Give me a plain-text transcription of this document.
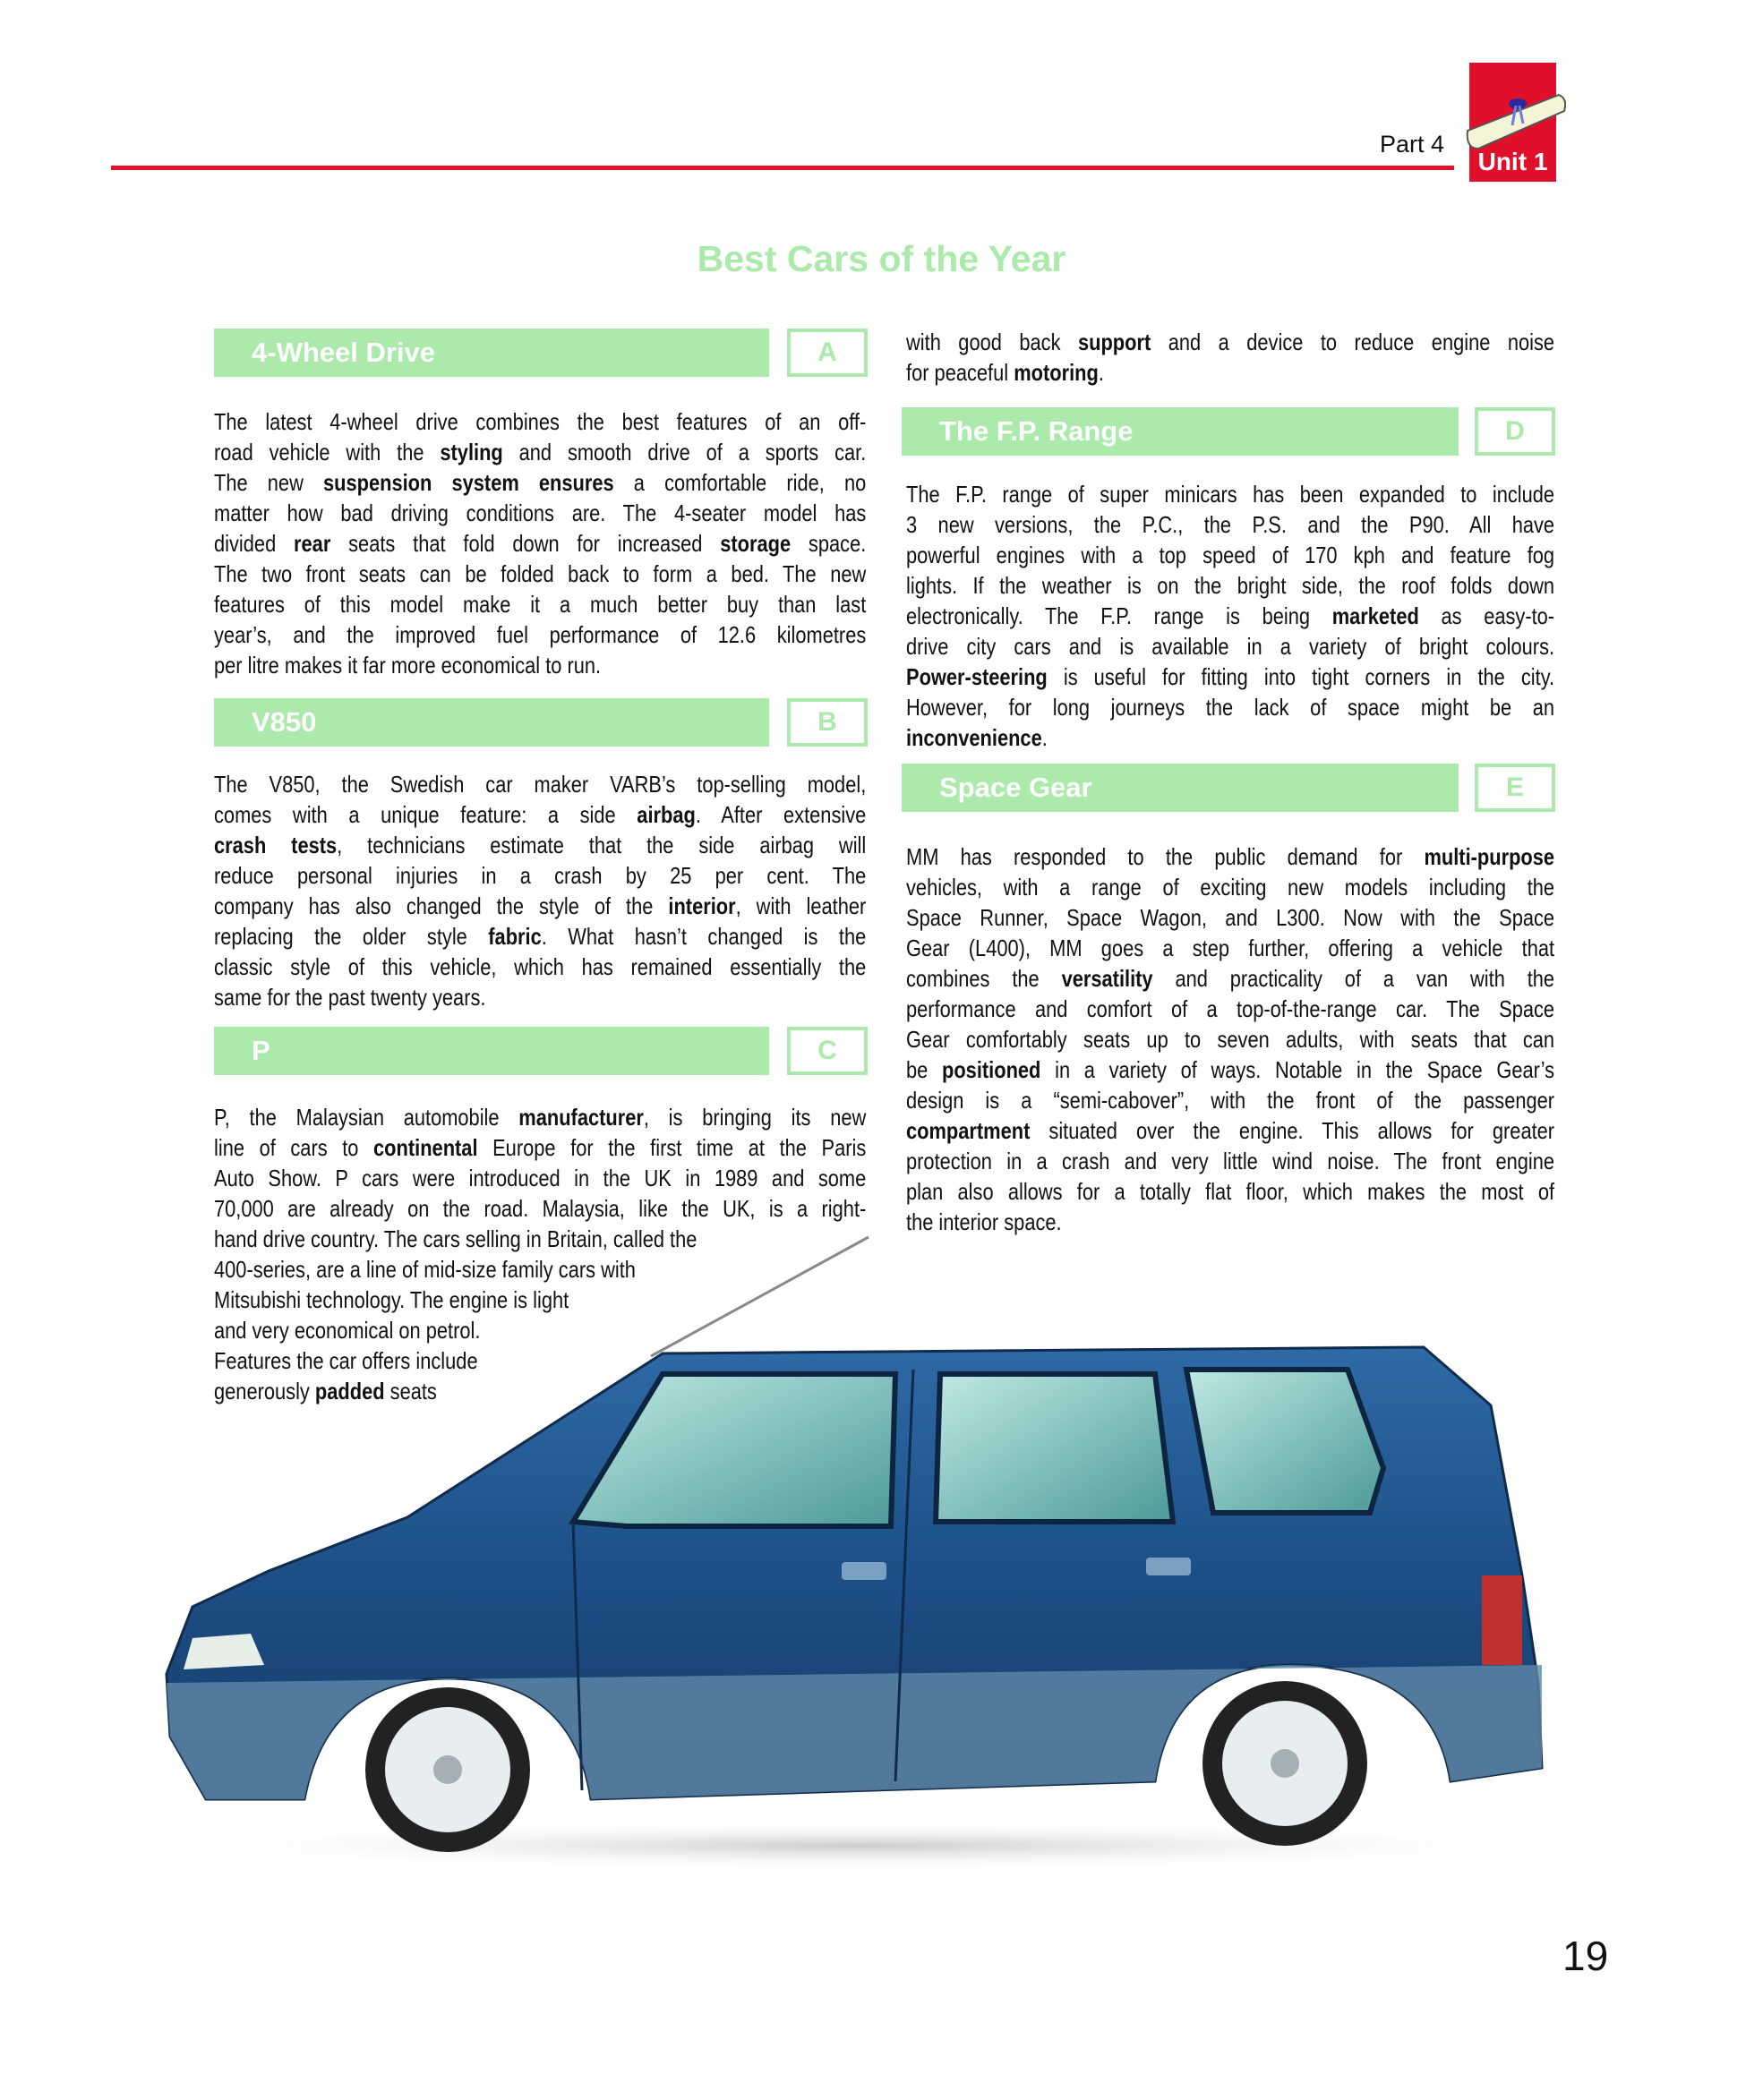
Part 4
Unit 1
Best Cars of the Year
4-Wheel Drive	A
The latest 4-wheel drive combines the best features of an off-
road vehicle with the styling and smooth drive of a sports car.
The new suspension system ensures a comfortable ride, no
matter how bad driving conditions are. The 4-seater model has
divided rear seats that fold down for increased storage space.
The two front seats can be folded back to form a bed. The new
features of this model make it a much better buy than last
year’s, and the improved fuel performance of 12.6 kilometres
per litre makes it far more economical to run.
V850	B
The V850, the Swedish car maker VARB’s top-selling model,
comes with a unique feature: a side airbag. After extensive
crash tests, technicians estimate that the side airbag will
reduce personal injuries in a crash by 25 per cent. The
company has also changed the style of the interior, with leather
replacing the older style fabric. What hasn’t changed is the
classic style of this vehicle, which has remained essentially the
same for the past twenty years.
P	C
P, the Malaysian automobile manufacturer, is bringing its new
line of cars to continental Europe for the first time at the Paris
Auto Show. P cars were introduced in the UK in 1989 and some
70,000 are already on the road. Malaysia, like the UK, is a right-
hand drive country. The cars selling in Britain, called the
400-series, are a line of mid-size family cars with
Mitsubishi technology. The engine is light
and very economical on petrol.
Features the car offers include
generously padded seats
with good back support and a device to reduce engine noise
for peaceful motoring.
The F.P. Range	D
The F.P. range of super minicars has been expanded to include
3 new versions, the P.C., the P.S. and the P90. All have
powerful engines with a top speed of 170 kph and feature fog
lights. If the weather is on the bright side, the roof folds down
electronically. The F.P. range is being marketed as easy-to-
drive city cars and is available in a variety of bright colours.
Power-steering is useful for fitting into tight corners in the city.
However, for long journeys the lack of space might be an
inconvenience.
Space Gear	E
MM has responded to the public demand for multi-purpose
vehicles, with a range of exciting new models including the
Space Runner, Space Wagon, and L300. Now with the Space
Gear (L400), MM goes a step further, offering a vehicle that
combines the versatility and practicality of a van with the
performance and comfort of a top-of-the-range car. The Space
Gear comfortably seats up to seven adults, with seats that can
be positioned in a variety of ways. Notable in the Space Gear’s
design is a “semi-cabover”, with the front of the passenger
compartment situated over the engine. This allows for greater
protection in a crash and very little wind noise. The front engine
plan also allows for a totally flat floor, which makes the most of
the interior space.
19
